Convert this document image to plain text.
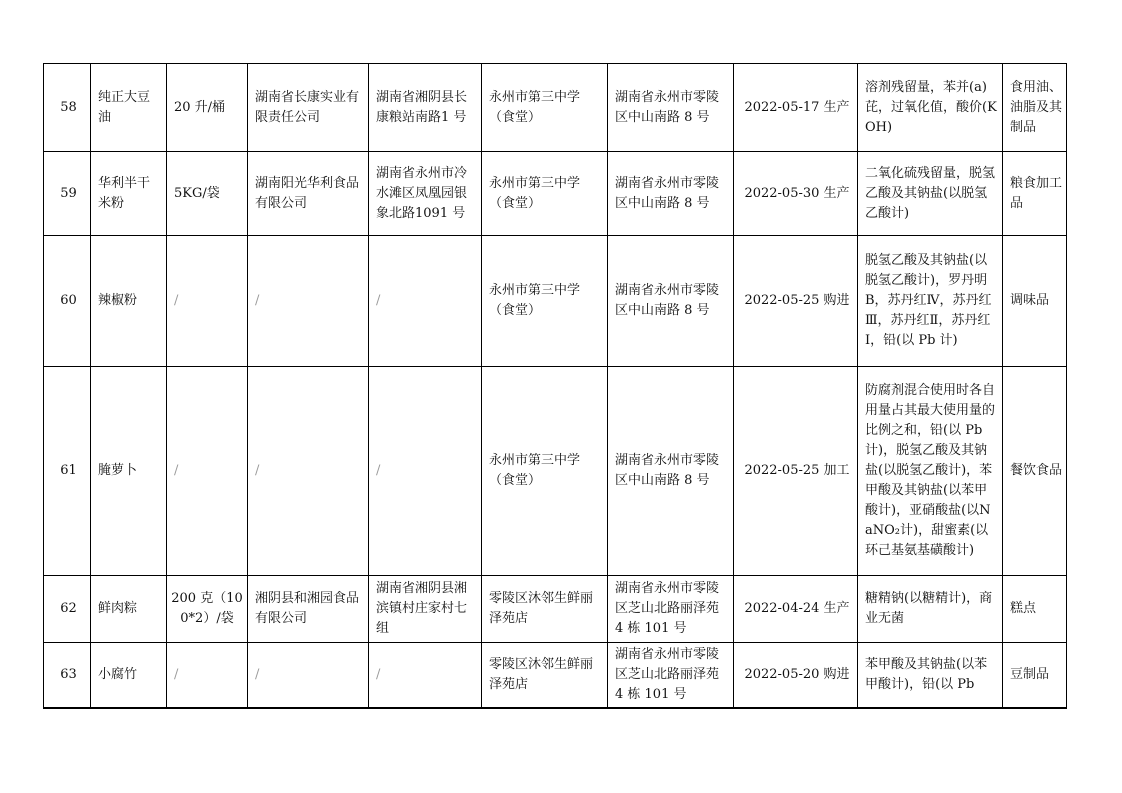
58	纯正大豆油	20 升/桶	湖南省长康实业有限责任公司	湖南省湘阴县长康粮站南路1 号	永州市第三中学（食堂）	湖南省永州市零陵区中山南路 8 号	2022-05-17 生产	溶剂残留量，苯并(a)芘，过氧化值，酸价(KOH)	食用油、油脂及其制品
59	华利半干米粉	5KG/袋	湖南阳光华利食品有限公司	湖南省永州市冷水滩区凤凰园银象北路1091 号	永州市第三中学（食堂）	湖南省永州市零陵区中山南路 8 号	2022-05-30 生产	二氧化硫残留量，脱氢乙酸及其钠盐(以脱氢乙酸计)	粮食加工品
60	辣椒粉	/	/	/	永州市第三中学（食堂）	湖南省永州市零陵区中山南路 8 号	2022-05-25 购进	脱氢乙酸及其钠盐(以脱氢乙酸计)，罗丹明 B，苏丹红Ⅳ，苏丹红Ⅲ，苏丹红Ⅱ，苏丹红Ⅰ，铅(以 Pb 计)	调味品
61	腌萝卜	/	/	/	永州市第三中学（食堂）	湖南省永州市零陵区中山南路 8 号	2022-05-25 加工	防腐剂混合使用时各自用量占其最大使用量的比例之和，铅(以 Pb 计)，脱氢乙酸及其钠盐(以脱氢乙酸计)，苯甲酸及其钠盐(以苯甲酸计)，亚硝酸盐(以NaNO₂计)，甜蜜素(以环己基氨基磺酸计)	餐饮食品
62	鲜肉粽	200 克（100*2）/袋	湘阴县和湘园食品有限公司	湖南省湘阴县湘滨镇村庄家村七组	零陵区沐邻生鲜丽泽苑店	湖南省永州市零陵区芝山北路丽泽苑 4 栋 101 号	2022-04-24 生产	糖精钠(以糖精计)，商业无菌	糕点
63	小腐竹	/	/	/	零陵区沐邻生鲜丽泽苑店	湖南省永州市零陵区芝山北路丽泽苑 4 栋 101 号	2022-05-20 购进	苯甲酸及其钠盐(以苯甲酸计)，铅(以 Pb	豆制品
